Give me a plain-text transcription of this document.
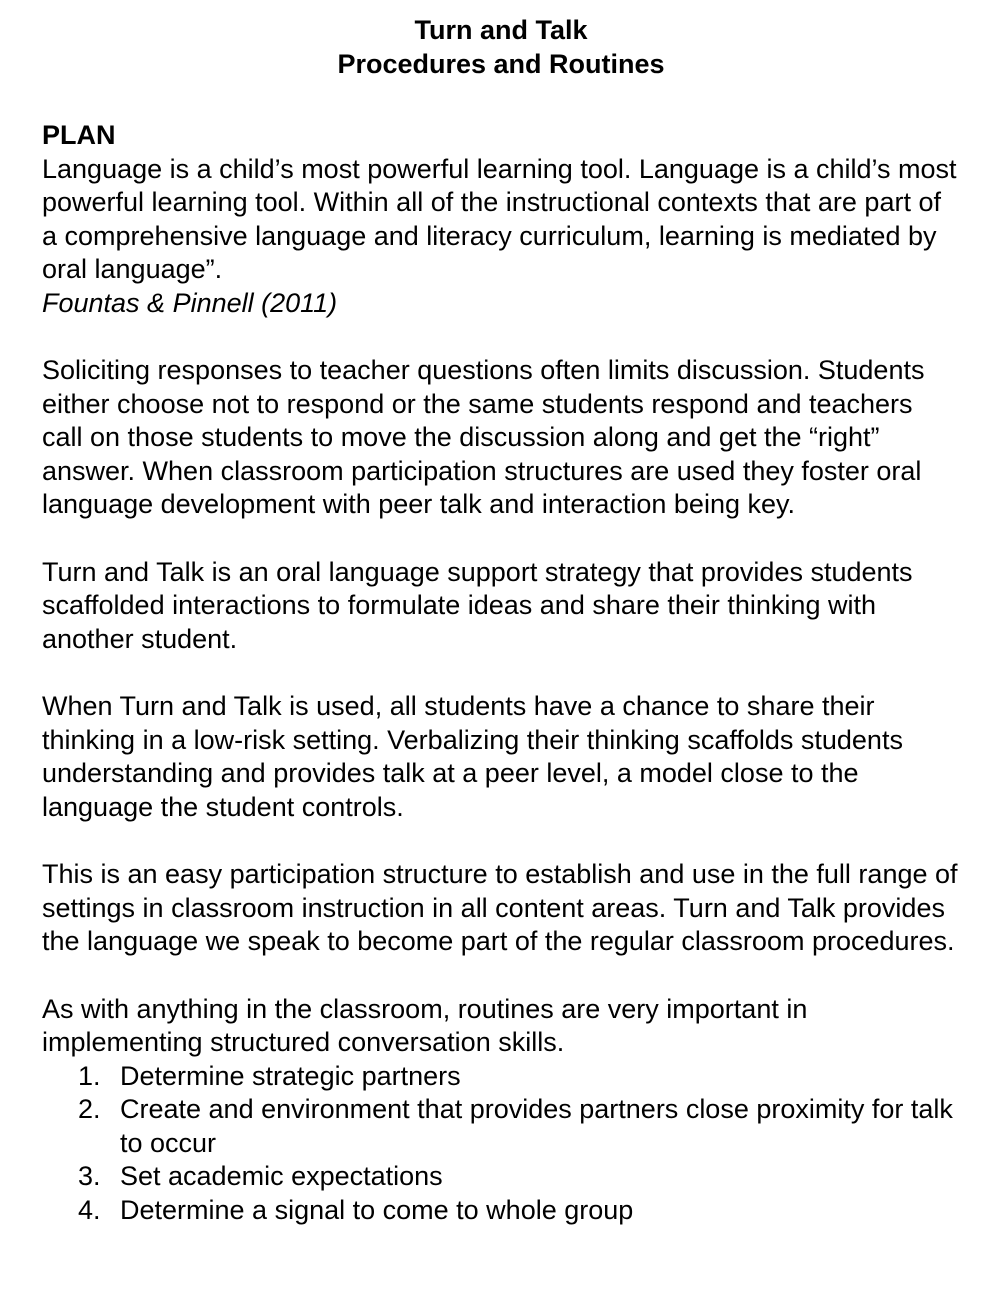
Turn and Talk
Procedures and Routines
PLAN

Language is a child’s most powerful learning tool. Language is a child’s most powerful learning tool. Within all of the instructional contexts that are part of a comprehensive language and literacy curriculum, learning is mediated by oral language”.

Fountas & Pinnell (2011)

Soliciting responses to teacher questions often limits discussion. Students either choose not to respond or the same students respond and teachers call on those students to move the discussion along and get the “right” answer. When classroom participation structures are used they foster oral language development with peer talk and interaction being key.

Turn and Talk is an oral language support strategy that provides students scaffolded interactions to formulate ideas and share their thinking with another student.

When Turn and Talk is used, all students have a chance to share their thinking in a low-risk setting. Verbalizing their thinking scaffolds students understanding and provides talk at a peer level, a model close to the language the student controls.

This is an easy participation structure to establish and use in the full range of settings in classroom instruction in all content areas. Turn and Talk provides the language we speak to become part of the regular classroom procedures.

As with anything in the classroom, routines are very important in implementing structured conversation skills.

1. Determine strategic partners
2. Create and environment that provides partners close proximity for talk to occur
3. Set academic expectations
4. Determine a signal to come to whole group
